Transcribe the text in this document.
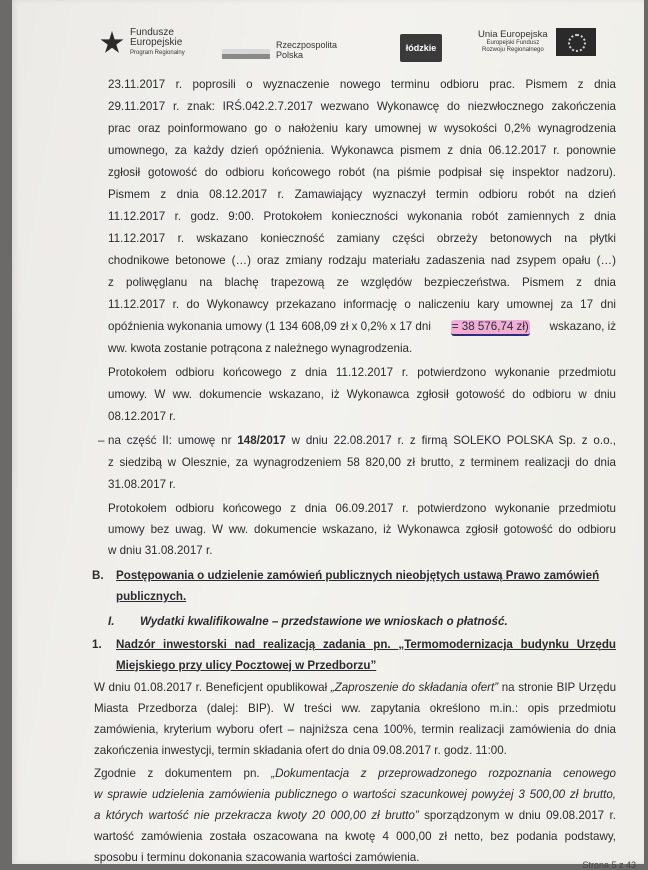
Fundusze
Europejskie
Program Regionalny
Rzeczpospolita
Polska
łódzkie
Unia Europejska
Europejski Fundusz
Rozwoju Regionalnego
23.11.2017 r. poprosili o wyznaczenie nowego terminu odbioru prac. Pismem z dnia
29.11.2017 r. znak: IRŚ.042.2.7.2017 wezwano Wykonawcę do niezwłocznego zakończenia
prac oraz poinformowano go o nałożeniu kary umownej w wysokości 0,2% wynagrodzenia
umownego, za każdy dzień opóźnienia. Wykonawca pismem z dnia 06.12.2017 r. ponownie
zgłosił gotowość do odbioru końcowego robót (na piśmie podpisał się inspektor nadzoru).
Pismem z dnia 08.12.2017 r. Zamawiający wyznaczył termin odbioru robót na dzień
11.12.2017 r. godz. 9:00. Protokołem konieczności wykonania robót zamiennych z dnia
11.12.2017 r. wskazano konieczność zamiany części obrzeży betonowych na płytki
chodnikowe betonowe (…) oraz zmiany rodzaju materiału zadaszenia nad zsypem opału (…)
z poliwęglanu na blachę trapezową ze względów bezpieczeństwa. Pismem z dnia
11.12.2017 r. do Wykonawcy przekazano informację o naliczeniu kary umownej za 17 dni
opóźnienia wykonania umowy (1 134 608,09 zł x 0,2% x 17 dni = 38 576,74 zł) wskazano, iż
ww. kwota zostanie potrącona z należnego wynagrodzenia.
Protokołem odbioru końcowego z dnia 11.12.2017 r. potwierdzono wykonanie przedmiotu
umowy. W ww. dokumencie wskazano, iż Wykonawca zgłosił gotowość do odbioru w dniu
08.12.2017 r.
– na część II: umowę nr 148/2017 w dniu 22.08.2017 r. z firmą SOLEKO POLSKA Sp. z o.o.,
z siedzibą w Olesznie, za wynagrodzeniem 58 820,00 zł brutto, z terminem realizacji do dnia
31.08.2017 r.
Protokołem odbioru końcowego z dnia 06.09.2017 r. potwierdzono wykonanie przedmiotu
umowy bez uwag. W ww. dokumencie wskazano, iż Wykonawca zgłosił gotowość do odbioru
w dniu 31.08.2017 r.
B. Postępowania o udzielenie zamówień publicznych nieobjętych ustawą Prawo zamówień
publicznych.
I. Wydatki kwalifikowalne – przedstawione we wnioskach o płatność.
1. Nadzór inwestorski nad realizacją zadania pn. „Termomodernizacja budynku Urzędu
Miejskiego przy ulicy Pocztowej w Przedborzu”
W dniu 01.08.2017 r. Beneficjent opublikował „Zaproszenie do składania ofert” na stronie BIP Urzędu
Miasta Przedborza (dalej: BIP). W treści ww. zapytania określono m.in.: opis przedmiotu
zamówienia, kryterium wyboru ofert – najniższa cena 100%, termin realizacji zamówienia do dnia
zakończenia inwestycji, termin składania ofert do dnia 09.08.2017 r. godz. 11:00.
Zgodnie z dokumentem pn. „Dokumentacja z przeprowadzonego rozpoznania cenowego
w sprawie udzielenia zamówienia publicznego o wartości szacunkowej powyżej 3 500,00 zł brutto,
a których wartość nie przekracza kwoty 20 000,00 zł brutto” sporządzonym w dniu 09.08.2017 r.
wartość zamówienia została oszacowana na kwotę 4 000,00 zł netto, bez podania podstawy,
sposobu i terminu dokonania szacowania wartości zamówienia.
Strona 5 z 43
